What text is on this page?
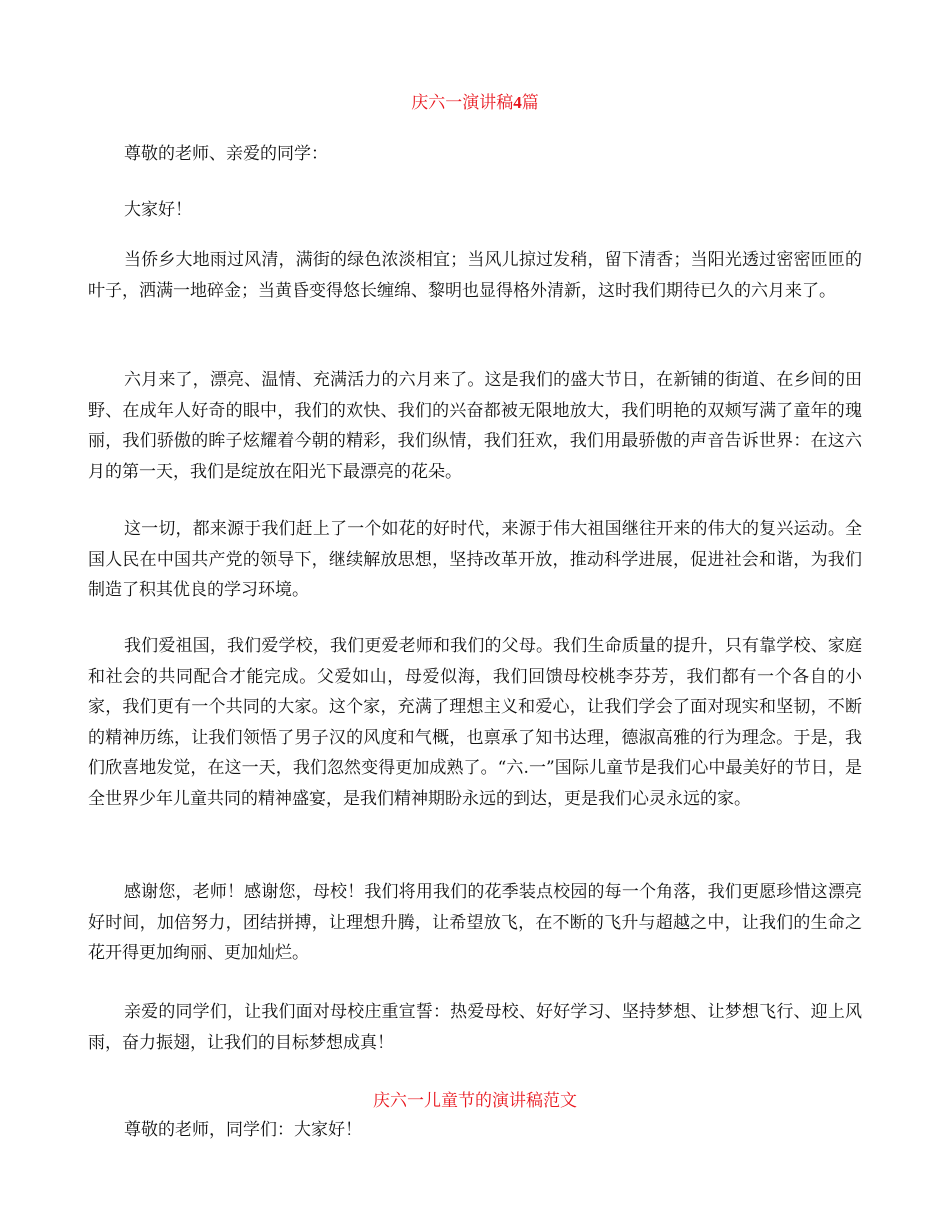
庆六一演讲稿4篇

尊敬的老师、亲爱的同学：

大家好！

当侨乡大地雨过风清，满街的绿色浓淡相宜；当风儿掠过发稍，留下清香；当阳光透过密密匝匝的叶子，洒满一地碎金；当黄昏变得悠长缠绵、黎明也显得格外清新，这时我们期待已久的六月来了。

六月来了，漂亮、温情、充满活力的六月来了。这是我们的盛大节日，在新铺的街道、在乡间的田野、在成年人好奇的眼中，我们的欢快、我们的兴奋都被无限地放大，我们明艳的双颊写满了童年的瑰丽，我们骄傲的眸子炫耀着今朝的精彩，我们纵情，我们狂欢，我们用最骄傲的声音告诉世界：在这六月的第一天，我们是绽放在阳光下最漂亮的花朵。

这一切，都来源于我们赶上了一个如花的好时代，来源于伟大祖国继往开来的伟大的复兴运动。全国人民在中国共产党的领导下，继续解放思想，坚持改革开放，推动科学进展，促进社会和谐，为我们制造了积其优良的学习环境。

我们爱祖国，我们爱学校，我们更爱老师和我们的父母。我们生命质量的提升，只有靠学校、家庭和社会的共同配合才能完成。父爱如山，母爱似海，我们回馈母校桃李芬芳，我们都有一个各自的小家，我们更有一个共同的大家。这个家，充满了理想主义和爱心，让我们学会了面对现实和坚韧，不断的精神历练，让我们领悟了男子汉的风度和气概，也禀承了知书达理，德淑高雅的行为理念。于是，我们欣喜地发觉，在这一天，我们忽然变得更加成熟了。“六.一”国际儿童节是我们心中最美好的节日，是全世界少年儿童共同的精神盛宴，是我们精神期盼永远的到达，更是我们心灵永远的家。

感谢您，老师！感谢您，母校！我们将用我们的花季装点校园的每一个角落，我们更愿珍惜这漂亮好时间，加倍努力，团结拼搏，让理想升腾，让希望放飞，在不断的飞升与超越之中，让我们的生命之花开得更加绚丽、更加灿烂。

亲爱的同学们，让我们面对母校庄重宣誓：热爱母校、好好学习、坚持梦想、让梦想飞行、迎上风雨，奋力振翅，让我们的目标梦想成真！

庆六一儿童节的演讲稿范文

尊敬的老师，同学们：大家好！
